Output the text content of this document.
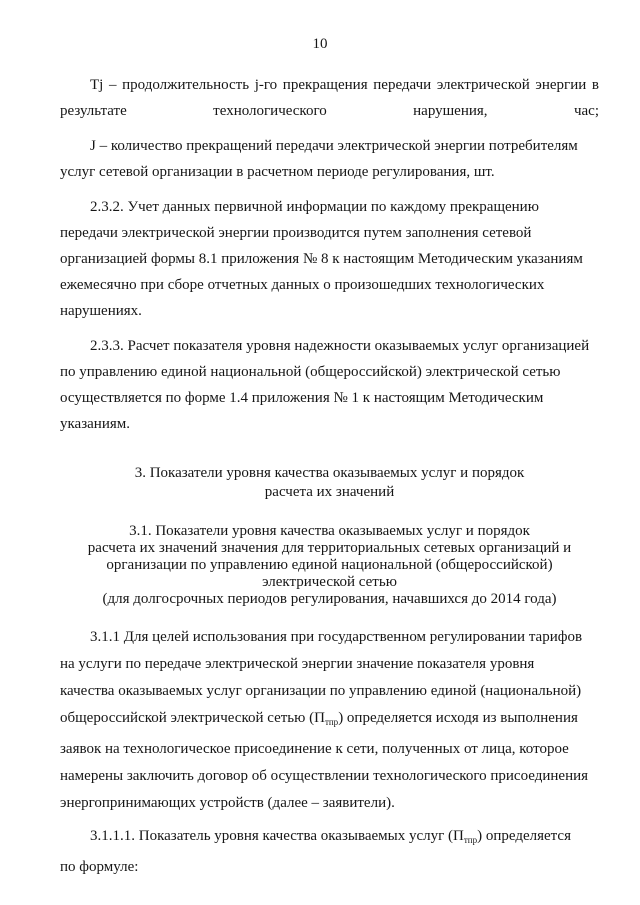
10

Tj – продолжительность j-го прекращения передачи электрической энергии в
результате технологического нарушения, час;

J – количество прекращений передачи электрической энергии потребителям
услуг сетевой организации в расчетном периоде регулирования, шт.

2.3.2. Учет данных первичной информации по каждому прекращению
передачи электрической энергии производится путем заполнения сетевой
организацией формы 8.1 приложения № 8 к настоящим Методическим указаниям
ежемесячно при сборе отчетных данных о произошедших технологических
нарушениях.

2.3.3. Расчет показателя уровня надежности оказываемых услуг организацией
по управлению единой национальной (общероссийской) электрической сетью
осуществляется по форме 1.4 приложения № 1 к настоящим Методическим
указаниям.

3. Показатели уровня качества оказываемых услуг и порядок
расчета их значений

3.1. Показатели уровня качества оказываемых услуг и порядок
расчета их значений значения для территориальных сетевых организаций и
организации по управлению единой национальной (общероссийской)
электрической сетью
(для долгосрочных периодов регулирования, начавшихся до 2014 года)

3.1.1 Для целей использования при государственном регулировании тарифов
на услуги по передаче электрической энергии значение показателя уровня
качества оказываемых услуг организации по управлению единой (национальной)
общероссийской электрической сетью $(П_{тпр})$ определяется исходя из выполнения
заявок на технологическое присоединение к сети, полученных от лица, которое
намерены заключить договор об осуществлении технологического присоединения
энергопринимающих устройств (далее – заявители).

3.1.1.1. Показатель уровня качества оказываемых услуг $(П_{тпр})$ определяется
по формуле:
